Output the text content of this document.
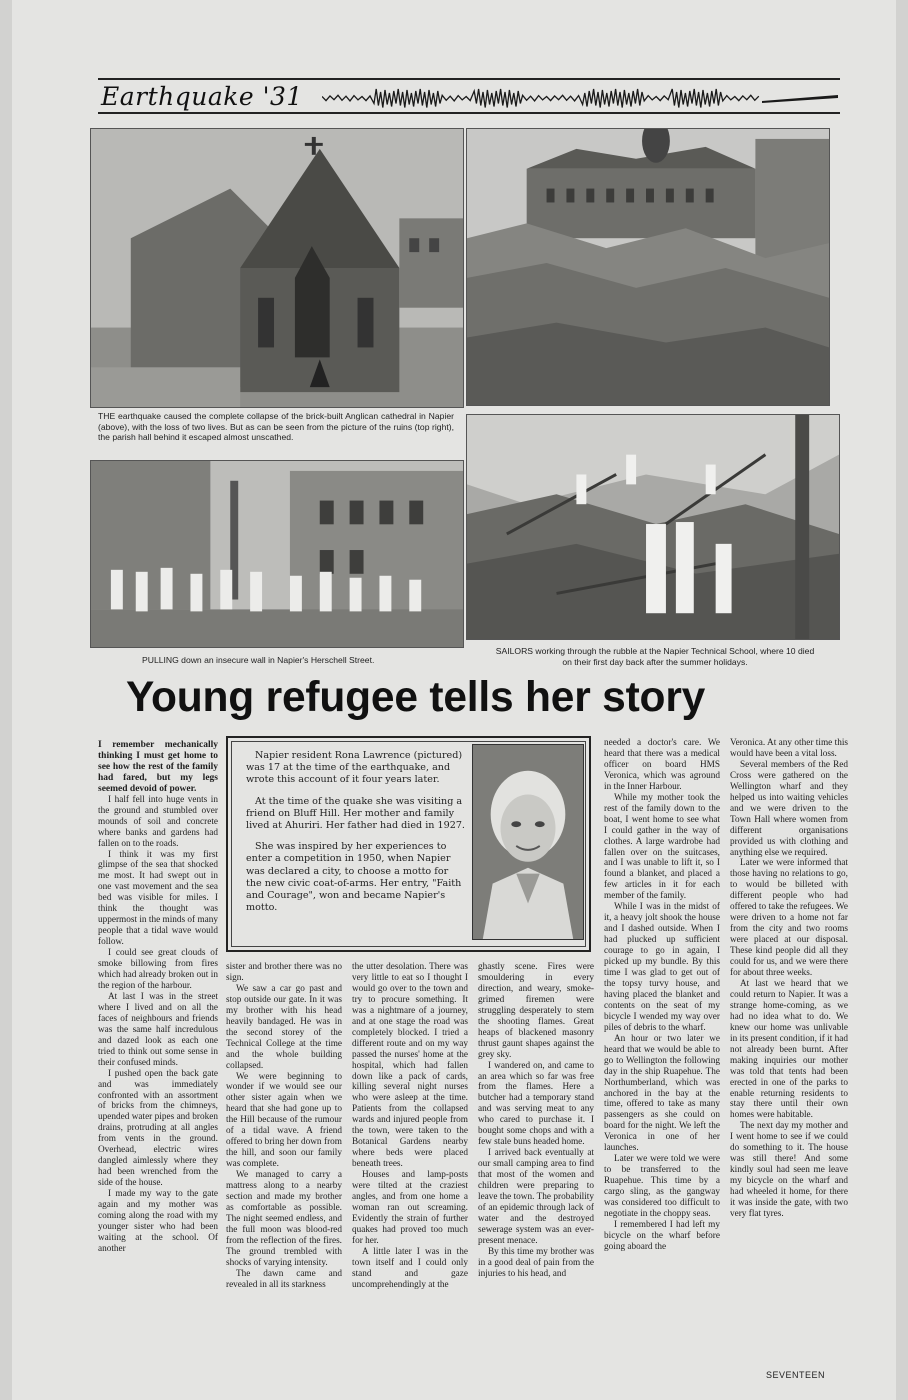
Earthquake '31
THE earthquake caused the complete collapse of the brick-built Anglican cathedral in Napier (above), with the loss of two lives. But as can be seen from the picture of the ruins (top right), the parish hall behind it escaped almost unscathed.
PULLING down an insecure wall in Napier's Herschell Street.
SAILORS working through the rubble at the Napier Technical School, where 10 died on their first day back after the summer holidays.
Young refugee tells her story

Napier resident Rona Lawrence (pictured) was 17 at the time of the earthquake, and wrote this account of it four years later.

At the time of the quake she was visiting a friend on Bluff Hill. Her mother and family lived at Ahuriri. Her father had died in 1927.

She was inspired by her experiences to enter a competition in 1950, when Napier was declared a city, to choose a motto for the new civic coat-of-arms. Her entry, "Faith and Courage", won and became Napier's motto.

I remember mechanically thinking I must get home to see how the rest of the family had fared, but my legs seemed devoid of power.

I half fell into huge vents in the ground and stumbled over mounds of soil and concrete where banks and gardens had fallen on to the roads.

I think it was my first glimpse of the sea that shocked me most. It had swept out in one vast movement and the sea bed was visible for miles. I think the thought was uppermost in the minds of many people that a tidal wave would follow.

I could see great clouds of smoke billowing from fires which had already broken out in the region of the harbour.

At last I was in the street where I lived and on all the faces of neighbours and friends was the same half incredulous and dazed look as each one tried to think out some sense in their confused minds.

I pushed open the back gate and was immediately confronted with an assortment of bricks from the chimneys, upended water pipes and broken drains, protruding at all angles from vents in the ground. Overhead, electric wires dangled aimlessly where they had been wrenched from the side of the house.

I made my way to the gate again and my mother was coming along the road with my younger sister who had been waiting at the school. Of another

sister and brother there was no sign.

We saw a car go past and stop outside our gate. In it was my brother with his head heavily bandaged. He was in the second storey of the Technical College at the time and the whole building collapsed.

We were beginning to wonder if we would see our other sister again when we heard that she had gone up to the Hill because of the rumour of a tidal wave. A friend offered to bring her down from the hill, and soon our family was complete.

We managed to carry a mattress along to a nearby section and made my brother as comfortable as possible. The night seemed endless, and the full moon was blood-red from the reflection of the fires. The ground trembled with shocks of varying intensity.

The dawn came and revealed in all its starkness

the utter desolation. There was very little to eat so I thought I would go over to the town and try to procure something. It was a nightmare of a journey, and at one stage the road was completely blocked. I tried a different route and on my way passed the nurses' home at the hospital, which had fallen down like a pack of cards, killing several night nurses who were asleep at the time. Patients from the collapsed wards and injured people from the town, were taken to the Botanical Gardens nearby where beds were placed beneath trees.

Houses and lamp-posts were tilted at the craziest angles, and from one home a woman ran out screaming. Evidently the strain of further quakes had proved too much for her.

A little later I was in the town itself and I could only stand and gaze uncomprehendingly at the

ghastly scene. Fires were smouldering in every direction, and weary, smoke-grimed firemen were struggling desperately to stem the shooting flames. Great heaps of blackened masonry thrust gaunt shapes against the grey sky.

I wandered on, and came to an area which so far was free from the flames. Here a butcher had a temporary stand and was serving meat to any who cared to purchase it. I bought some chops and with a few stale buns headed home.

I arrived back eventually at our small camping area to find that most of the women and children were preparing to leave the town. The probability of an epidemic through lack of water and the destroyed sewerage system was an ever-present menace.

By this time my brother was in a good deal of pain from the injuries to his head, and

needed a doctor's care. We heard that there was a medical officer on board HMS Veronica, which was aground in the Inner Harbour.

While my mother took the rest of the family down to the boat, I went home to see what I could gather in the way of clothes. A large wardrobe had fallen over on the suitcases, and I was unable to lift it, so I found a blanket, and placed a few articles in it for each member of the family.

While I was in the midst of it, a heavy jolt shook the house and I dashed outside. When I had plucked up sufficient courage to go in again, I picked up my bundle. By this time I was glad to get out of the topsy turvy house, and having placed the blanket and contents on the seat of my bicycle I wended my way over piles of debris to the wharf.

An hour or two later we heard that we would be able to go to Wellington the following day in the ship Ruapehue. The Northumberland, which was anchored in the bay at the time, offered to take as many passengers as she could on board for the night. We left the Veronica in one of her launches.

Later we were told we were to be transferred to the Ruapehue. This time by a cargo sling, as the gangway was considered too difficult to negotiate in the choppy seas.

I remembered I had left my bicycle on the wharf before going aboard the

Veronica. At any other time this would have been a vital loss.

Several members of the Red Cross were gathered on the Wellington wharf and they helped us into waiting vehicles and we were driven to the Town Hall where women from different organisations provided us with clothing and anything else we required.

Later we were informed that those having no relations to go, to would be billeted with different people who had offered to take the refugees. We were driven to a home not far from the city and two rooms were placed at our disposal. These kind people did all they could for us, and we were there for about three weeks.

At last we heard that we could return to Napier. It was a strange home-coming, as we had no idea what to do. We knew our home was unlivable in its present condition, if it had not already been burnt. After making inquiries our mother was told that tents had been erected in one of the parks to enable returning residents to stay there until their own homes were habitable.

The next day my mother and I went home to see if we could do something to it. The house was still there! And some kindly soul had seen me leave my bicycle on the wharf and had wheeled it home, for there it was inside the gate, with two very flat tyres.

SEVENTEEN
